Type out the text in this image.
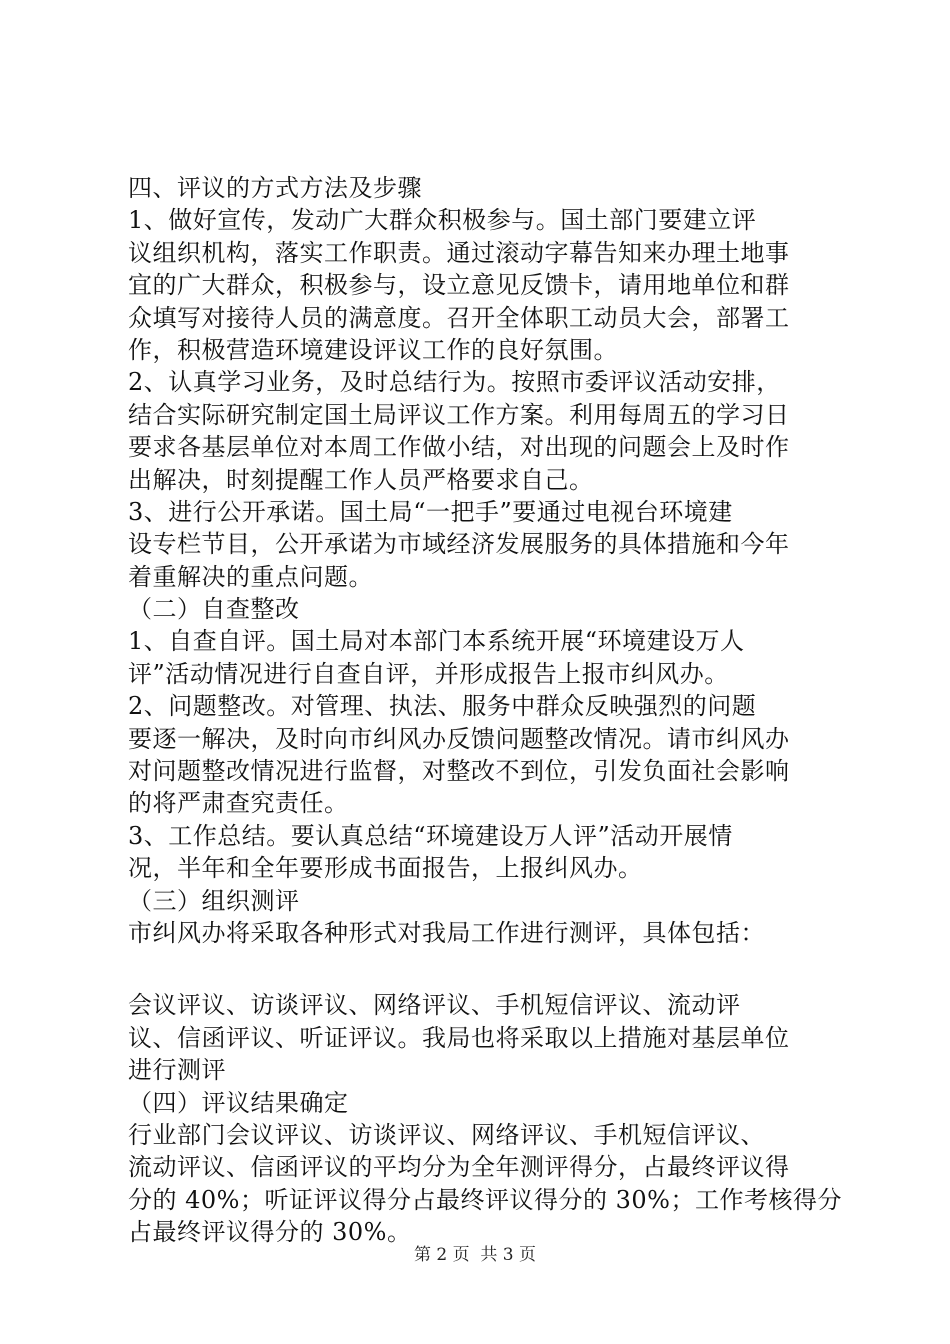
四、评议的方式方法及步骤
1、做好宣传，发动广大群众积极参与。国土部门要建立评
议组织机构，落实工作职责。通过滚动字幕告知来办理土地事
宜的广大群众，积极参与，设立意见反馈卡，请用地单位和群
众填写对接待人员的满意度。召开全体职工动员大会，部署工
作，积极营造环境建设评议工作的良好氛围。
2、认真学习业务，及时总结行为。按照市委评议活动安排，
结合实际研究制定国土局评议工作方案。利用每周五的学习日
要求各基层单位对本周工作做小结，对出现的问题会上及时作
出解决，时刻提醒工作人员严格要求自己。
3、进行公开承诺。国土局“一把手”要通过电视台环境建
设专栏节目，公开承诺为市域经济发展服务的具体措施和今年
着重解决的重点问题。
（二）自查整改
1、自查自评。国土局对本部门本系统开展“环境建设万人
评”活动情况进行自查自评，并形成报告上报市纠风办。
2、问题整改。对管理、执法、服务中群众反映强烈的问题
要逐一解决，及时向市纠风办反馈问题整改情况。请市纠风办
对问题整改情况进行监督，对整改不到位，引发负面社会影响
的将严肃查究责任。
3、工作总结。要认真总结“环境建设万人评”活动开展情
况，半年和全年要形成书面报告，上报纠风办。
（三）组织测评
市纠风办将采取各种形式对我局工作进行测评，具体包括：
会议评议、访谈评议、网络评议、手机短信评议、流动评
议、信函评议、听证评议。我局也将采取以上措施对基层单位
进行测评
（四）评议结果确定
行业部门会议评议、访谈评议、网络评议、手机短信评议、
流动评议、信函评议的平均分为全年测评得分，占最终评议得
分的 40%；听证评议得分占最终评议得分的 30%；工作考核得分
占最终评议得分的 30%。
第 2 页  共 3 页
